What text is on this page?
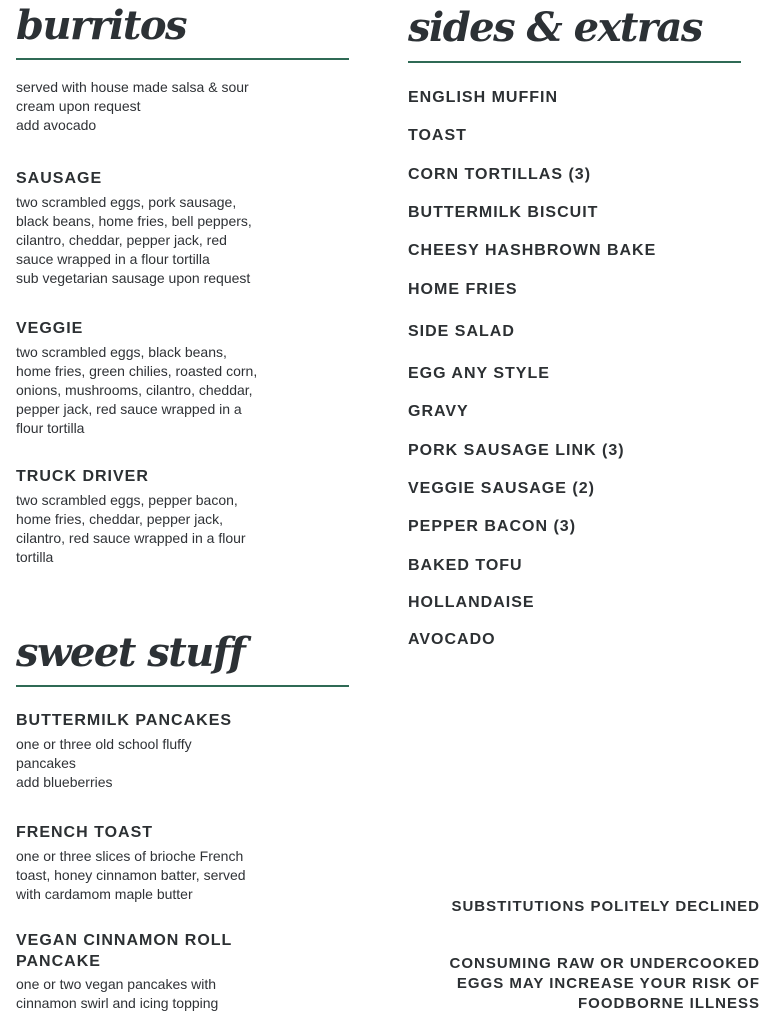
burritos
served with house made salsa & sour
cream upon request
add avocado
SAUSAGE
two scrambled eggs, pork sausage,
black beans, home fries, bell peppers,
cilantro, cheddar, pepper jack, red
sauce wrapped in a flour tortilla
sub vegetarian sausage upon request
VEGGIE
two scrambled eggs, black beans,
home fries, green chilies, roasted corn,
onions, mushrooms, cilantro, cheddar,
pepper jack, red sauce wrapped in a
flour tortilla
TRUCK DRIVER
two scrambled eggs, pepper bacon,
home fries, cheddar, pepper jack,
cilantro, red sauce wrapped in a flour
tortilla
sweet stuff
BUTTERMILK PANCAKES
one or three old school fluffy
pancakes
add blueberries
FRENCH TOAST
one or three slices of brioche French
toast, honey cinnamon batter, served
with cardamom maple butter
VEGAN CINNAMON ROLL
PANCAKE
one or two vegan pancakes with
cinnamon swirl and icing topping
sides & extras
ENGLISH MUFFIN
TOAST
CORN TORTILLAS (3)
BUTTERMILK BISCUIT
CHEESY HASHBROWN BAKE
HOME FRIES
SIDE SALAD
EGG ANY STYLE
GRAVY
PORK SAUSAGE LINK (3)
VEGGIE SAUSAGE (2)
PEPPER BACON (3)
BAKED TOFU
HOLLANDAISE
AVOCADO
SUBSTITUTIONS POLITELY DECLINED
CONSUMING RAW OR UNDERCOOKED
EGGS MAY INCREASE YOUR RISK OF
FOODBORNE ILLNESS
